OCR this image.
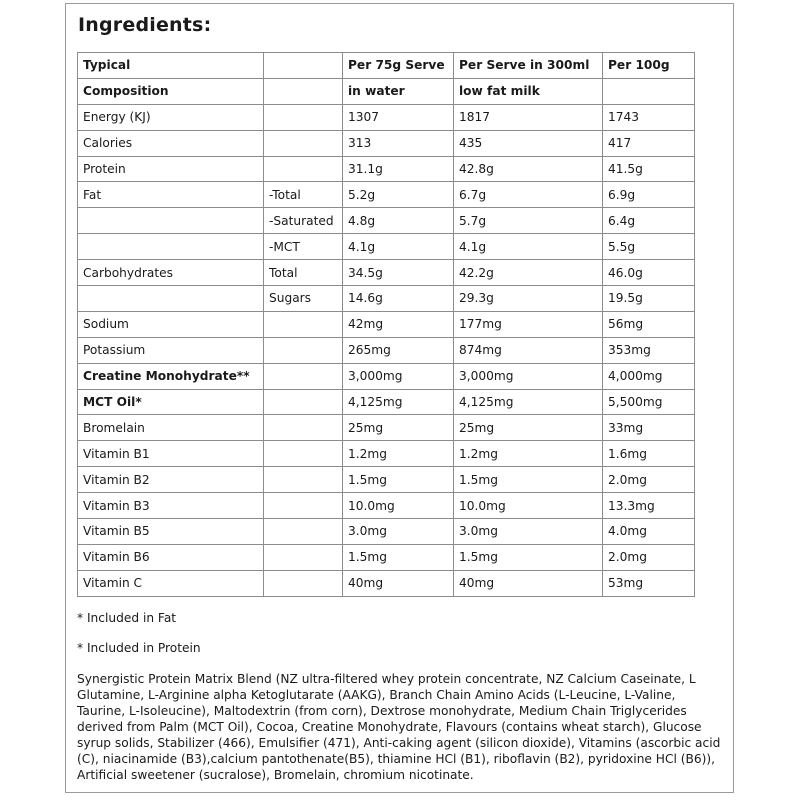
Ingredients:
Typical		Per 75g Serve	Per Serve in 300ml	Per 100g
Composition		in water	low fat milk	
Energy (KJ)		1307	1817	1743
Calories		313	435	417
Protein		31.1g	42.8g	41.5g
Fat	-Total	5.2g	6.7g	6.9g
	-Saturated	4.8g	5.7g	6.4g
	-MCT	4.1g	4.1g	5.5g
Carbohydrates	Total	34.5g	42.2g	46.0g
	Sugars	14.6g	29.3g	19.5g
Sodium		42mg	177mg	56mg
Potassium		265mg	874mg	353mg
Creatine Monohydrate**		3,000mg	3,000mg	4,000mg
MCT Oil*		4,125mg	4,125mg	5,500mg
Bromelain		25mg	25mg	33mg
Vitamin B1		1.2mg	1.2mg	1.6mg
Vitamin B2		1.5mg	1.5mg	2.0mg
Vitamin B3		10.0mg	10.0mg	13.3mg
Vitamin B5		3.0mg	3.0mg	4.0mg
Vitamin B6		1.5mg	1.5mg	2.0mg
Vitamin C		40mg	40mg	53mg
* Included in Fat
* Included in Protein
Synergistic Protein Matrix Blend (NZ ultra-filtered whey protein concentrate, NZ Calcium Caseinate, L Glutamine, L-Arginine alpha Ketoglutarate (AAKG), Branch Chain Amino Acids (L-Leucine, L-Valine, Taurine, L-Isoleucine), Maltodextrin (from corn), Dextrose monohydrate, Medium Chain Triglycerides derived from Palm (MCT Oil), Cocoa, Creatine Monohydrate, Flavours (contains wheat starch), Glucose syrup solids, Stabilizer (466), Emulsifier (471), Anti-caking agent (silicon dioxide), Vitamins (ascorbic acid (C), niacinamide (B3),calcium pantothenate(B5), thiamine HCl (B1), riboflavin (B2), pyridoxine HCl (B6)), Artificial sweetener (sucralose), Bromelain, chromium nicotinate.
